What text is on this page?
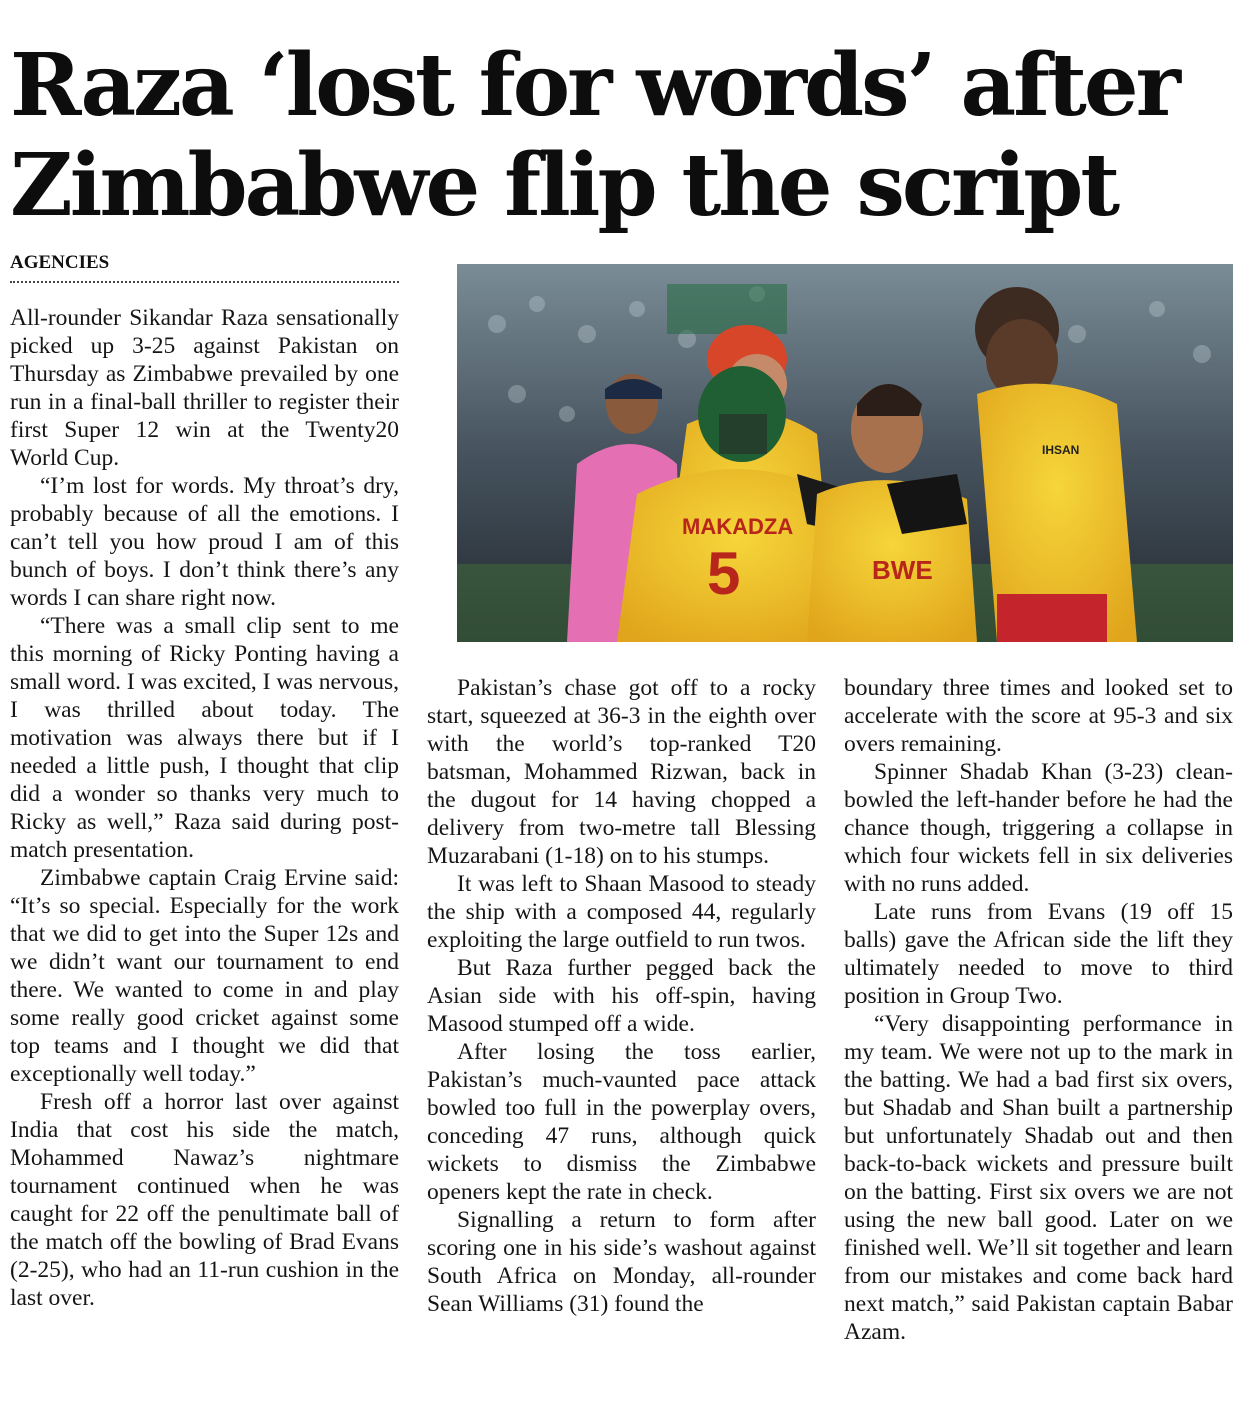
Raza ‘lost for words’ after
Zimbabwe flip the script
AGENCIES

All-rounder Sikandar Raza sensationally picked up 3-25 against Pakistan on Thursday as Zimbabwe prevailed by one run in a final-ball thriller to register their first Super 12 win at the Twenty20 World Cup.

“I’m lost for words. My throat’s dry, probably because of all the emotions. I can’t tell you how proud I am of this bunch of boys. I don’t think there’s any words I can share right now.

“There was a small clip sent to me this morning of Ricky Ponting having a small word. I was excited, I was nervous, I was thrilled about today. The motivation was always there but if I needed a little push, I thought that clip did a wonder so thanks very much to Ricky as well,” Raza said during post-match presentation.

Zimbabwe captain Craig Ervine said: “It’s so special. Especially for the work that we did to get into the Super 12s and we didn’t want our tournament to end there. We wanted to come in and play some really good cricket against some top teams and I thought we did that exceptionally well today.”

Fresh off a horror last over against India that cost his side the match, Mohammed Nawaz’s nightmare tournament continued when he was caught for 22 off the penultimate ball of the match off the bowling of Brad Evans (2-25), who had an 11-run cushion in the last over.

MAKADZA
5	BWE
IHSAN

Pakistan’s chase got off to a rocky start, squeezed at 36-3 in the eighth over with the world’s top-ranked T20 batsman, Mohammed Rizwan, back in the dugout for 14 having chopped a delivery from two-metre tall Blessing Muzarabani (1-18) on to his stumps.

It was left to Shaan Masood to steady the ship with a composed 44, regularly exploiting the large outfield to run twos.

But Raza further pegged back the Asian side with his off-spin, having Masood stumped off a wide.

After losing the toss earlier, Pakistan’s much-vaunted pace attack bowled too full in the powerplay overs, conceding 47 runs, although quick wickets to dismiss the Zimbabwe openers kept the rate in check.

Signalling a return to form after scoring one in his side’s washout against South Africa on Monday, all-rounder Sean Williams (31) found the

boundary three times and looked set to accelerate with the score at 95-3 and six overs remaining.

Spinner Shadab Khan (3-23) clean-bowled the left-hander before he had the chance though, triggering a collapse in which four wickets fell in six deliveries with no runs added.

Late runs from Evans (19 off 15 balls) gave the African side the lift they ultimately needed to move to third position in Group Two.

“Very disappointing performance in my team. We were not up to the mark in the batting. We had a bad first six overs, but Shadab and Shan built a partnership but unfortunately Shadab out and then back-to-back wickets and pressure built on the batting. First six overs we are not using the new ball good. Later on we finished well. We’ll sit together and learn from our mistakes and come back hard next match,” said Pakistan captain Babar Azam.
